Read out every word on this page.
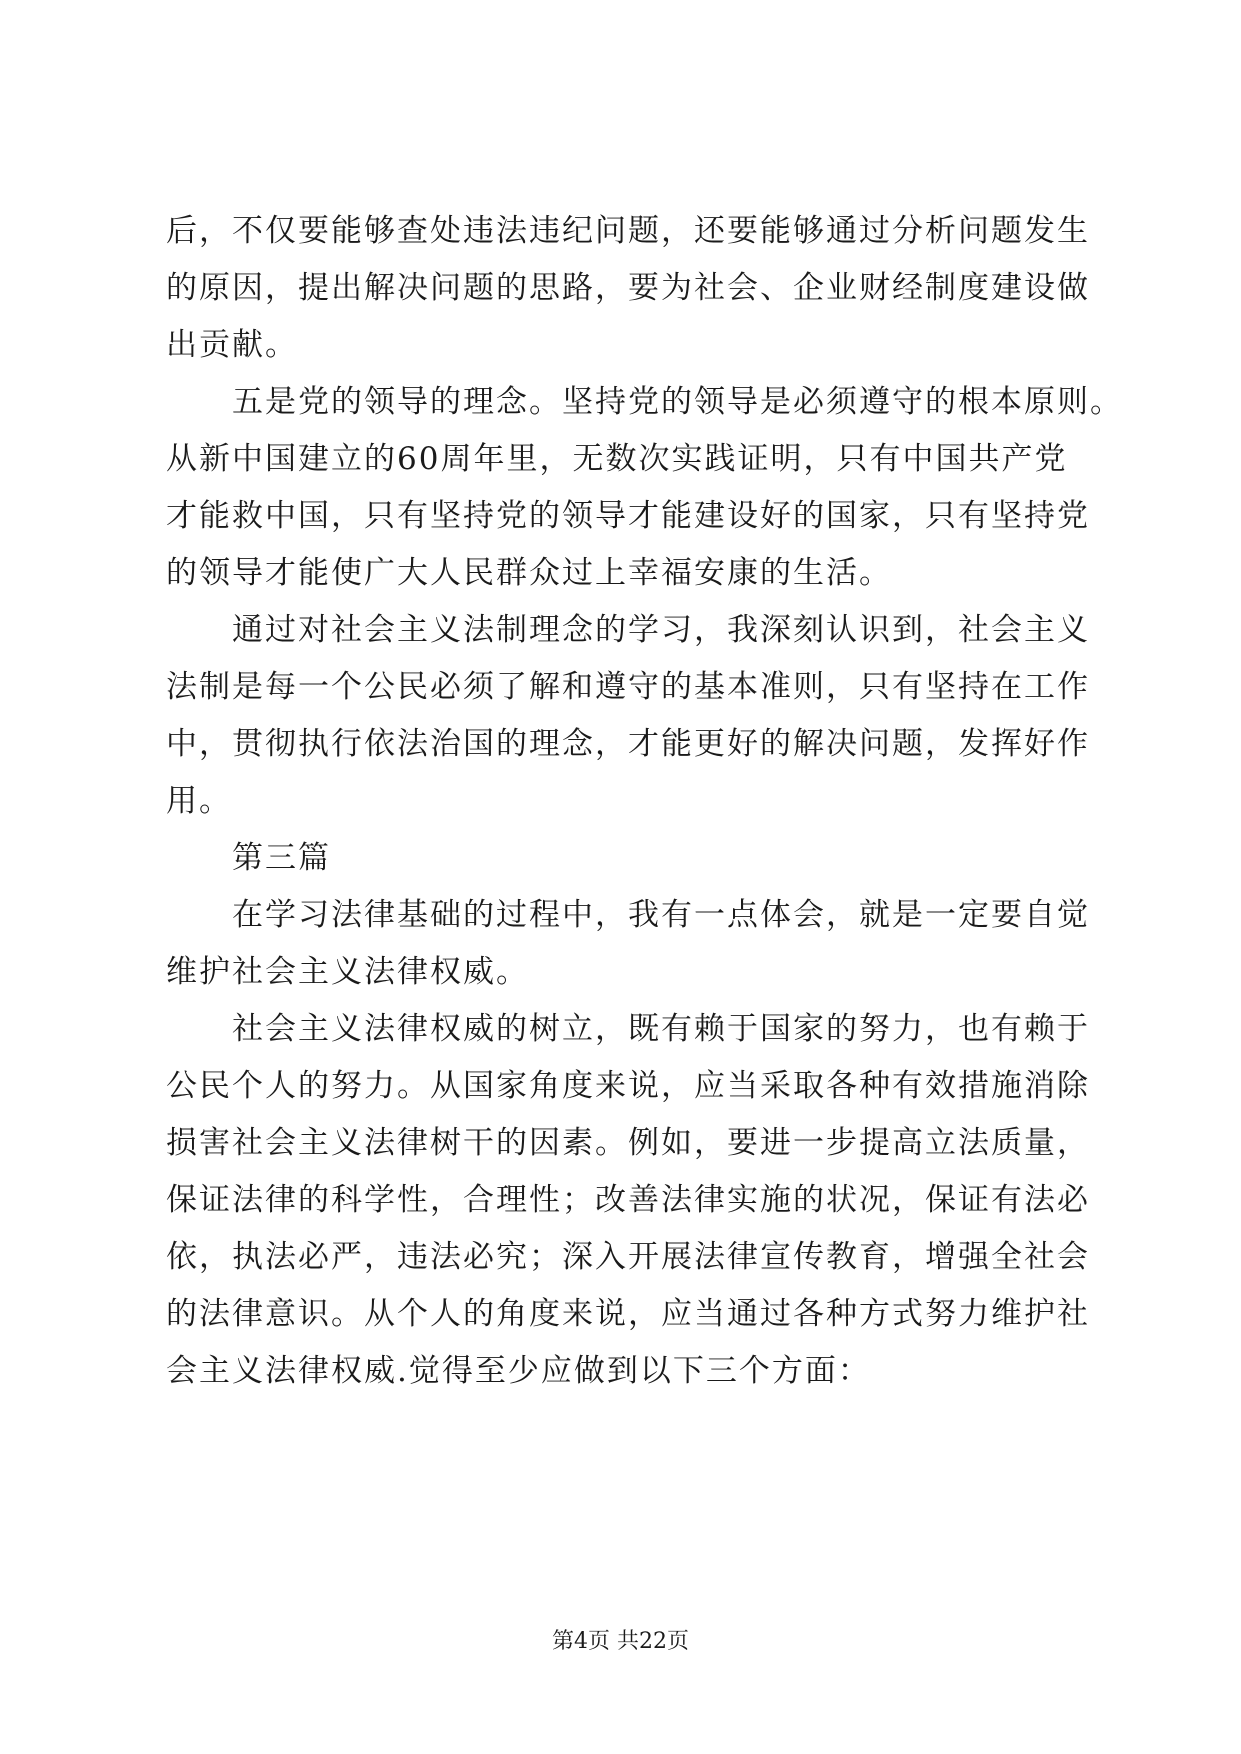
后，不仅要能够查处违法违纪问题，还要能够通过分析问题发生
的原因，提出解决问题的思路，要为社会、企业财经制度建设做
出贡献。
五是党的领导的理念。坚持党的领导是必须遵守的根本原则。
从新中国建立的60周年里，无数次实践证明，只有中国共产党
才能救中国，只有坚持党的领导才能建设好的国家，只有坚持党
的领导才能使广大人民群众过上幸福安康的生活。
通过对社会主义法制理念的学习，我深刻认识到，社会主义
法制是每一个公民必须了解和遵守的基本准则，只有坚持在工作
中，贯彻执行依法治国的理念，才能更好的解决问题，发挥好作
用。
第三篇
在学习法律基础的过程中，我有一点体会，就是一定要自觉
维护社会主义法律权威。
社会主义法律权威的树立，既有赖于国家的努力，也有赖于
公民个人的努力。从国家角度来说，应当采取各种有效措施消除
损害社会主义法律树干的因素。例如，要进一步提高立法质量，
保证法律的科学性，合理性；改善法律实施的状况，保证有法必
依，执法必严，违法必究；深入开展法律宣传教育，增强全社会
的法律意识。从个人的角度来说，应当通过各种方式努力维护社
会主义法律权威.觉得至少应做到以下三个方面：
第4页 共22页
